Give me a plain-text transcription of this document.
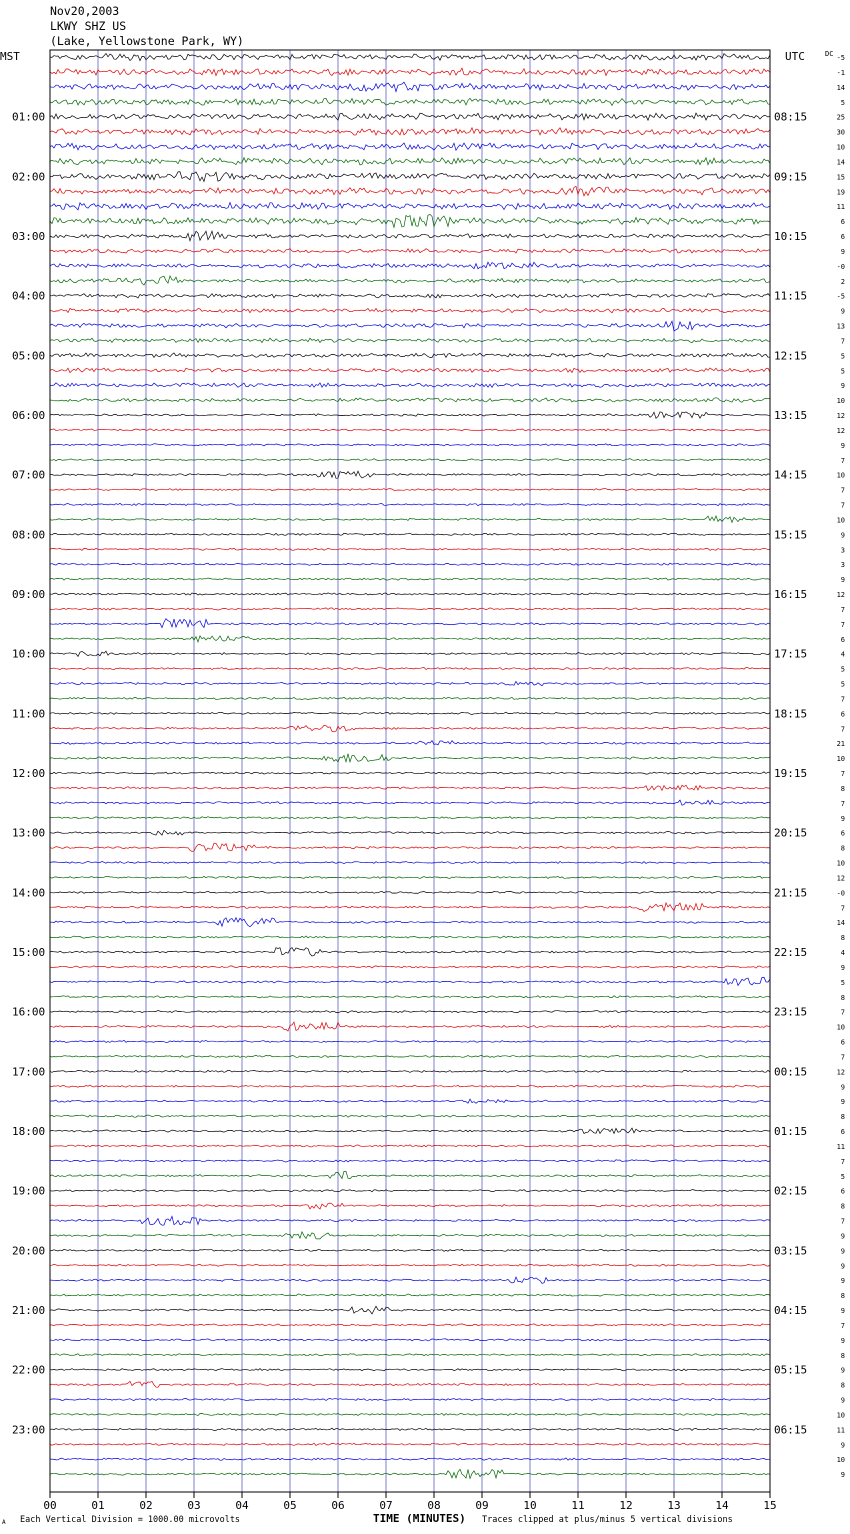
Nov20,2003
LKWY SHZ US
(Lake, Yellowstone Park, WY)
00	01	02	03	04	05	06	07	08	09	10	11	12	13	14	15
MST	UTC	DC
01:00
02:00
03:00
04:00
05:00
06:00
07:00
08:00
09:00
10:00
11:00
12:00
13:00
14:00
15:00
16:00
17:00
18:00
19:00
20:00
21:00
22:00
23:00
08:15
09:15
10:15
11:15
12:15
13:15
14:15
15:15
16:15
17:15
18:15
19:15
20:15
21:15
22:15
23:15
00:15
01:15
02:15
03:15
04:15
05:15
06:15
-5
-1
14
5
25
30
10
14
15
19
11
6
6
9
-0
2
-5
9
13
7
5
5
9
10
12
12
9
7
10
7
7
10
9
3
3
9
12
7
7
6
4
5
5
7
6
7
21
10
7
8
7
9
6
8
10
12
-0
7
14
8
4
9
5
8
7
10
6
7
12
9
9
8
6
11
7
5
6
8
7
9
9
9
9
8
9
7
9
8
9
8
9
10
11
9
10
9
TIME (MINUTES)
Each Vertical Division = 1000.00 microvolts	Traces clipped at plus/minus 5 vertical divisions
A
